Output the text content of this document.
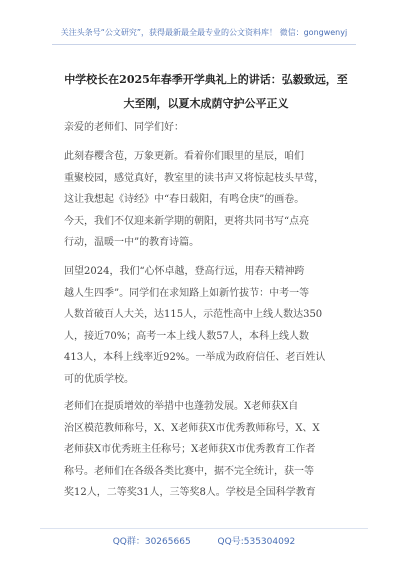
关注头条号“公文研究”，获得最新最全最专业的公文资料库！ 微信：gongwenyj
中学校长在2025年春季开学典礼上的讲话：弘毅致远，至
大至刚，以夏木成荫守护公平正义
亲爱的老师们、同学们好：
此刻春樱含苞，万象更新。看着你们眼里的星辰，咱们
重聚校园，感觉真好，教室里的读书声又将惊起枝头早莺，
这让我想起《诗经》中“春日载阳，有鸣仓庚”的画卷。
今天，我们不仅迎来新学期的朝阳，更将共同书写“点亮
行动，温暖一中”的教育诗篇。
回望2024，我们“心怀卓越，登高行远，用春天精神跨
越人生四季”。同学们在求知路上如新竹拔节：中考一等
人数首破百人大关，达115人，示范性高中上线人数达350
人，接近70%；高考一本上线人数57人，本科上线人数
413人，本科上线率近92%。一举成为政府信任、老百姓认
可的优质学校。
老师们在提质增效的举措中也蓬勃发展。X老师获X自
治区模范教师称号，X、X老师获X市优秀教师称号，X、X
老师获X市优秀班主任称号；X老师获X市优秀教育工作者
称号。老师们在各级各类比赛中，据不完全统计，获一等
奖12人，二等奖31人，三等奖8人。学校是全国科学教育
QQ群：30265665	QQ号:535304092
